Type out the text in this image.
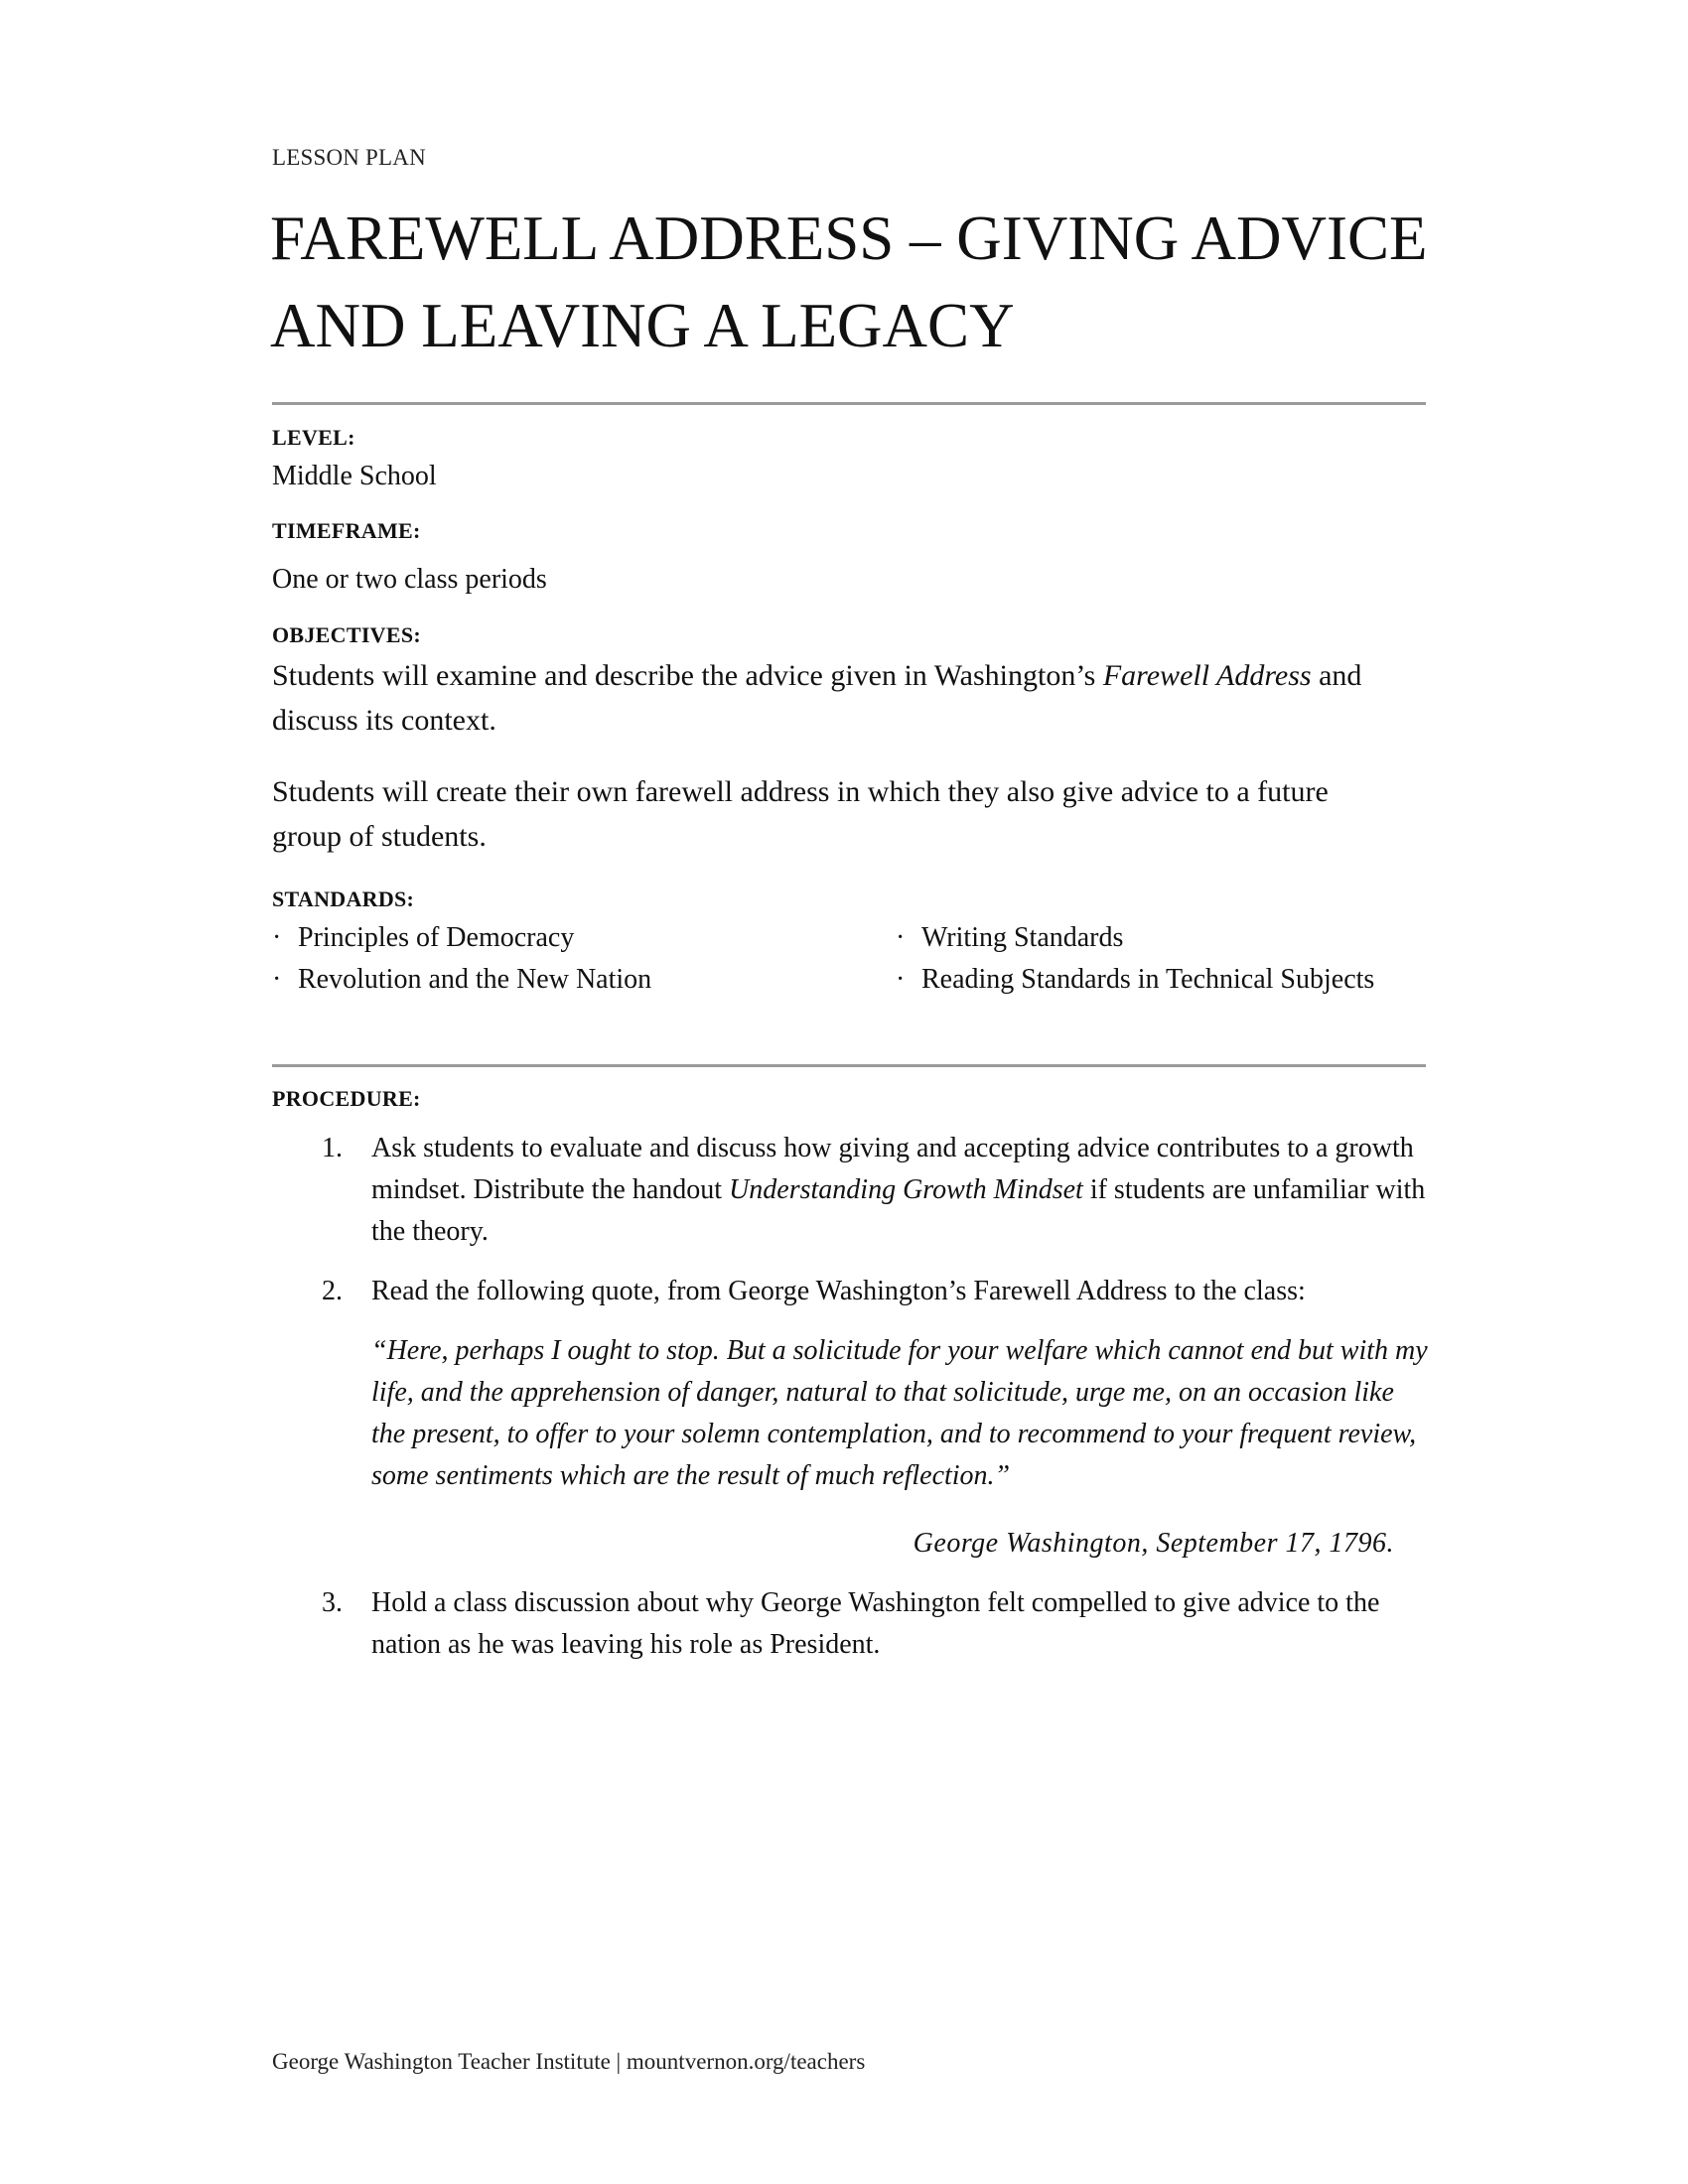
LESSON PLAN
FAREWELL ADDRESS – GIVING ADVICE AND LEAVING A LEGACY
LEVEL:
Middle School
TIMEFRAME:
One or two class periods
OBJECTIVES:
Students will examine and describe the advice given in Washington’s Farewell Address and discuss its context.
Students will create their own farewell address in which they also give advice to a future group of students.
STANDARDS:
· Principles of Democracy
· Revolution and the New Nation
· Writing Standards
· Reading Standards in Technical Subjects
PROCEDURE:
1. Ask students to evaluate and discuss how giving and accepting advice contributes to a growth mindset. Distribute the handout Understanding Growth Mindset if students are unfamiliar with the theory.
2. Read the following quote, from George Washington’s Farewell Address to the class:
“Here, perhaps I ought to stop. But a solicitude for your welfare which cannot end but with my life, and the apprehension of danger, natural to that solicitude, urge me, on an occasion like the present, to offer to your solemn contemplation, and to recommend to your frequent review, some sentiments which are the result of much reflection.”
George Washington, September 17, 1796.
3. Hold a class discussion about why George Washington felt compelled to give advice to the nation as he was leaving his role as President.
George Washington Teacher Institute | mountvernon.org/teachers
